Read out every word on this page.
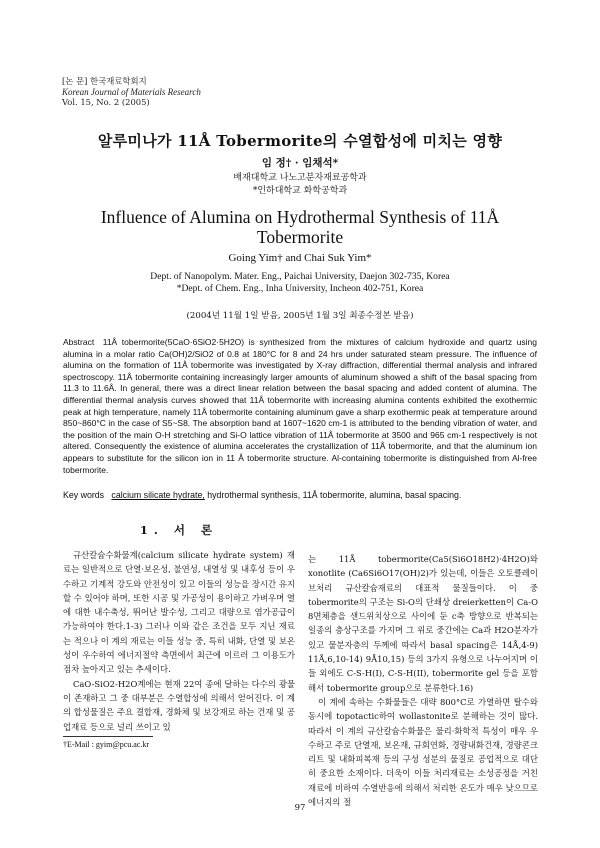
[논 문] 한국재료학회지
Korean Journal of Materials Research
Vol. 15, No. 2 (2005)
알루미나가 11Å Tobermorite의 수열합성에 미치는 영향
임 정† · 임채석*
배재대학교 나노고분자재료공학과
*인하대학교 화학공학과
Influence of Alumina on Hydrothermal Synthesis of 11Å Tobermorite
Going Yim† and Chai Suk Yim*
Dept. of Nanopolym. Mater. Eng., Paichai University, Daejon 302-735, Korea
*Dept. of Chem. Eng., Inha University, Incheon 402-751, Korea
(2004년 11월 1일 받음, 2005년 1월 3일 최종수정본 받음)
Abstract 11Å tobermorite(5CaO·6SiO2·5H2O) is synthesized from the mixtures of calcium hydroxide and quartz using alumina in a molar ratio Ca(OH)2/SiO2 of 0.8 at 180°C for 8 and 24 hrs under saturated steam pressure. The influence of alumina on the formation of 11Å tobermorite was investigated by X-ray diffraction, differential thermal analysis and infrared spectroscopy. 11Å tobermorite containing increasingly larger amounts of aluminum showed a shift of the basal spacing from 11.3 to 11.6Å. In general, there was a direct linear relation between the basal spacing and added content of alumina. The differential thermal analysis curves showed that 11Å tobermorite with increasing alumina contents exhibited the exothermic peak at high temperature, namely 11Å tobermorite containing aluminum gave a sharp exothermic peak at temperature around 850~860°C in the case of S5~S8. The absorption band at 1607~1620 cm-1 is attributed to the bending vibration of water, and the position of the main O-H stretching and Si-O lattice vibration of 11Å tobermorite at 3500 and 965 cm-1 respectively is not altered. Consequently the existence of alumina accelerates the crystallization of 11Å tobermorite, and that the aluminum ion appears to substitute for the silicon ion in 11 Å tobermorite structure. Al-containing tobermorite is distinguished from Al-free tobermorite.
Key words calcium silicate hydrate, hydrothermal synthesis, 11Å tobermorite, alumina, basal spacing.
1. 서 론

규산칼슘수화물계(calcium silicate hydrate system) 재료는 일반적으로 단열·보온성, 불연성, 내열성 및 내후성 등이 우수하고 기계적 강도와 안전성이 있고 이들의 성능을 장시간 유지할 수 있어야 하며, 또한 시공 및 가공성이 용이하고 가벼우며 열에 대한 내수축성, 뛰어난 발수성, 그리고 대량으로 염가공급이 가능하여야 한다.1-3) 그러나 이와 같은 조건을 모두 지닌 재료는 적으나 이 계의 재료는 이들 성능 중, 특히 내화, 단열 및 보온성이 우수하여 에너지절약 측면에서 최근에 이르러 그 이용도가 점차 높아지고 있는 추세이다.

CaO-SiO2-H2O계에는 현재 22여 종에 달하는 다수의 광물이 존재하고 그 중 대부분은 수열합성에 의해서 얻어진다. 이 계의 합성물질은 주요 결합재, 경화체 및 보강재로 하는 건재 및 공업재료 등으로 널리 쓰이고 있

는 11Å tobermorite(Ca5(Si6O18H2)·4H2O)와 xonotlite (Ca6Si6O17(OH)2)가 있는데, 이들은 오토클레이브처리 규산칼슘재료의 대표적 물질들이다. 이 중 tobermorite의 구조는 Si-O의 단쇄상 dreierketten이 Ca-O 8면체층을 샌드위치상으로 사이에 둔 c축 방향으로 반복되는 일종의 층상구조를 가지며 그 위로 중간에는 Ca과 H2O분자가 있고 물분자층의 두께에 따라서 basal spacing은 14Å,4-9) 11Å,6,10-14) 9Å10,15) 등의 3가지 유형으로 나누어지며 이들 외에도 C-S-H(I), C-S-H(II), tobermorite gel 등을 포함해서 tobermorite group으로 분류한다.16)

이 계에 속하는 수화물들은 대략 800°C로 가열하면 탈수와 동시에 topotactic하여 wollastonite로 분해하는 것이 많다. 따라서 이 계의 규산칼슘수화물은 물리·화학적 특성이 매우 우수하고 주로 단열재, 보온재, 규회연화, 경량내화건재, 경량콘크리트 및 내화피복재 등의 구성 성분의 물질로 공업적으로 대단히 중요한 소재이다. 더욱이 이들 처리재료는 소성공정을 거친 재료에 비하여 수열반응에 의해서 처리한 온도가 매우 낮으므로 에너지의 절

†E-Mail : gyim@pcu.ac.kr
97
